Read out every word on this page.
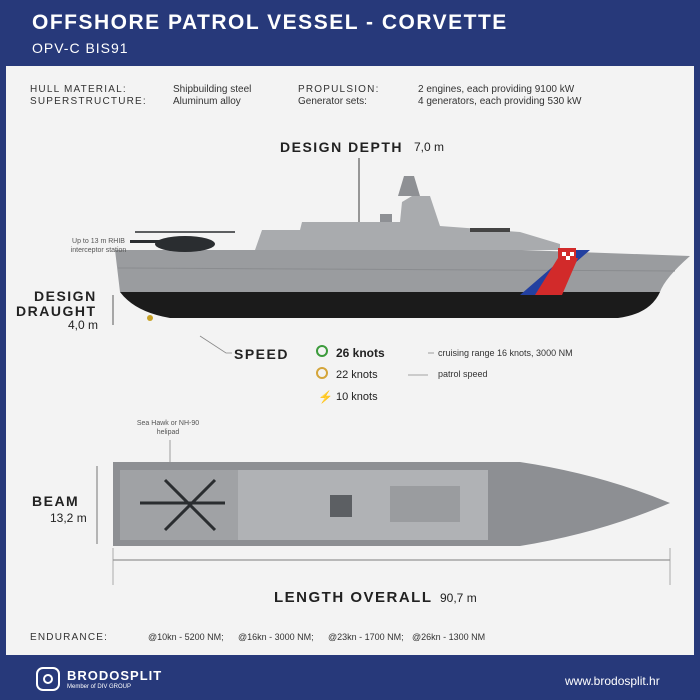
OFFSHORE PATROL VESSEL - CORVETTE
OPV-C BIS91
HULL MATERIAL:	Shipbuilding steel
SUPERSTRUCTURE:	Aluminum alloy
PROPULSION:	2 engines, each providing 9100 kW
Generator sets:	4 generators, each providing 530 kW
DESIGN DEPTH 7,0 m
Up to 13 m RHIB
interceptor station
DESIGN
DRAUGHT
4,0 m
SPEED	26 knots	cruising range 16 knots, 3000 NM
22 knots	patrol speed
⚡ 10 knots
Sea Hawk or NH-90
helipad
BEAM
13,2 m
LENGTH OVERALL 90,7 m
ENDURANCE:	@10kn - 5200 NM; @16kn - 3000 NM; @23kn - 1700 NM; @26kn - 1300 NM
BRODOSPLIT
Member of DIV GROUP	www.brodosplit.hr
